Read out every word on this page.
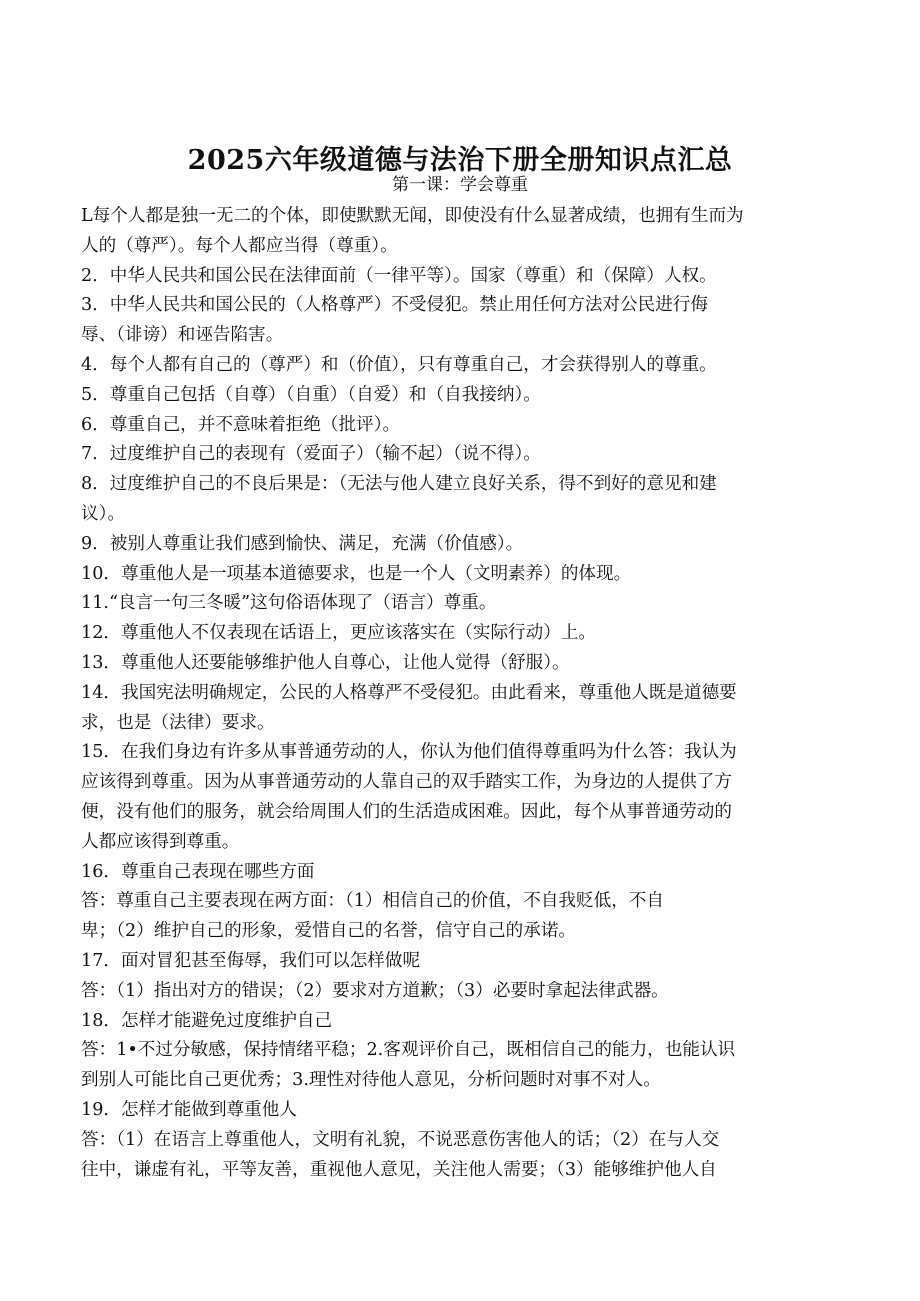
2025六年级道德与法治下册全册知识点汇总
第一课：学会尊重

L每个人都是独一无二的个体，即使默默无闻，即使没有什么显著成绩，也拥有生而为

人的（尊严）。每个人都应当得（尊重）。

2．中华人民共和国公民在法律面前（一律平等）。国家（尊重）和（保障）人权。

3．中华人民共和国公民的（人格尊严）不受侵犯。禁止用任何方法对公民进行侮

辱、（诽谤）和诬告陷害。

4．每个人都有自己的（尊严）和（价值），只有尊重自己，才会获得别人的尊重。

5．尊重自己包括（自尊）（自重）（自爱）和（自我接纳）。

6．尊重自己，并不意味着拒绝（批评）。

7．过度维护自己的表现有（爱面子）（输不起）（说不得）。

8．过度维护自己的不良后果是：（无法与他人建立良好关系，得不到好的意见和建

议）。

9．被别人尊重让我们感到愉快、满足，充满（价值感）。

10．尊重他人是一项基本道德要求，也是一个人（文明素养）的体现。

11.“良言一句三冬暖”这句俗语体现了（语言）尊重。

12．尊重他人不仅表现在话语上，更应该落实在（实际行动）上。

13．尊重他人还要能够维护他人自尊心，让他人觉得（舒服）。

14．我国宪法明确规定，公民的人格尊严不受侵犯。由此看来，尊重他人既是道德要

求，也是（法律）要求。

15．在我们身边有许多从事普通劳动的人，你认为他们值得尊重吗为什么答：我认为

应该得到尊重。因为从事普通劳动的人靠自己的双手踏实工作，为身边的人提供了方

便，没有他们的服务，就会给周围人们的生活造成困难。因此，每个从事普通劳动的

人都应该得到尊重。

16．尊重自己表现在哪些方面

答：尊重自己主要表现在两方面：（1）相信自己的价值，不自我贬低，不自

卑；（2）维护自己的形象，爱惜自己的名誉，信守自己的承诺。

17．面对冒犯甚至侮辱，我们可以怎样做呢

答：（1）指出对方的错误；（2）要求对方道歉；（3）必要时拿起法律武器。

18．怎样才能避免过度维护自己

答：1•不过分敏感，保持情绪平稳；2.客观评价自己，既相信自己的能力，也能认识

到别人可能比自己更优秀；3.理性对待他人意见，分析问题时对事不对人。

19．怎样才能做到尊重他人

答：（1）在语言上尊重他人，文明有礼貌，不说恶意伤害他人的话；（2）在与人交

往中，谦虚有礼，平等友善，重视他人意见，关注他人需要；（3）能够维护他人自
